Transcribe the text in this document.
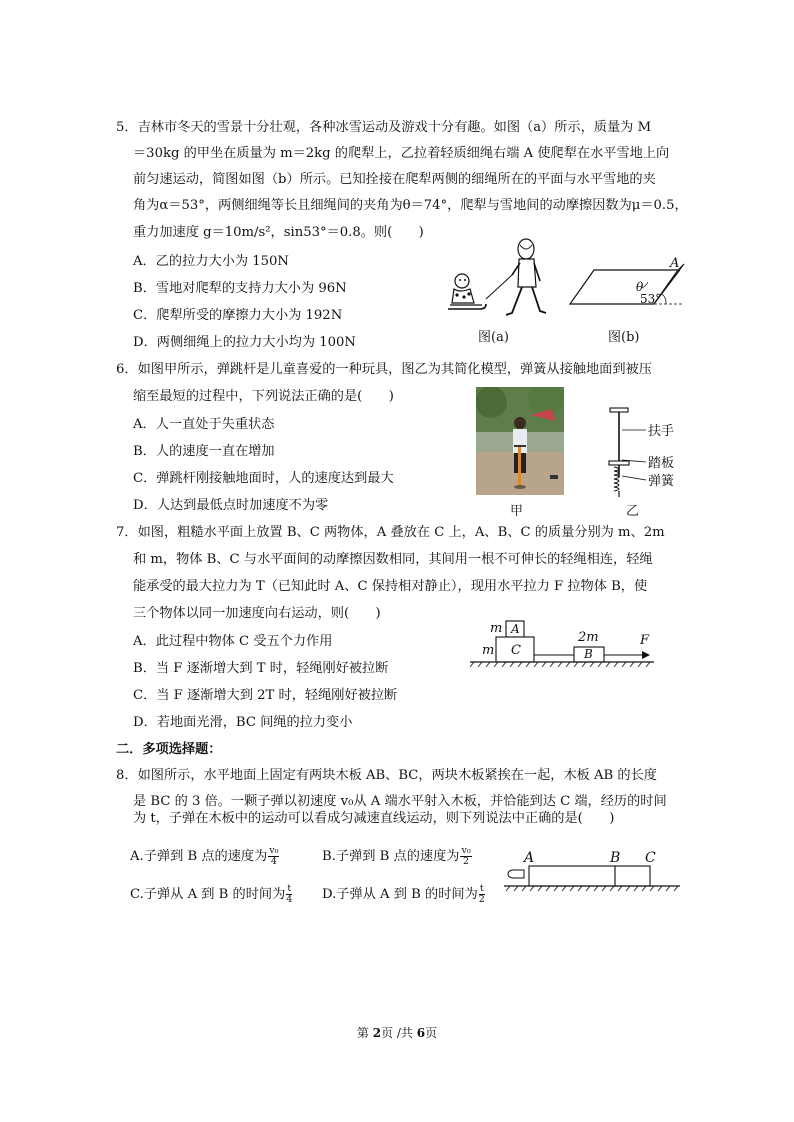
5．吉林市冬天的雪景十分壮观，各种冰雪运动及游戏十分有趣。如图（a）所示，质量为 M
＝30kg 的甲坐在质量为 m＝2kg 的爬犁上，乙拉着轻质细绳右端 A 使爬犁在水平雪地上向
前匀速运动，简图如图（b）所示。已知拴接在爬犁两侧的细绳所在的平面与水平雪地的夹
角为α＝53°，两侧细绳等长且细绳间的夹角为θ＝74°，爬犁与雪地间的动摩擦因数为μ＝0.5，
重力加速度 g＝10m/s²，sin53°＝0.8。则(　　)
A．乙的拉力大小为 150N
B．雪地对爬犁的支持力大小为 96N
C．爬犁所受的摩擦力大小为 192N
D．两侧细绳上的拉力大小均为 100N	图(a)
A
θ
53°
图(b)
6．如图甲所示，弹跳杆是儿童喜爱的一种玩具，图乙为其简化模型，弹簧从接触地面到被压
缩至最短的过程中，下列说法正确的是(　　)
A．人一直处于失重状态
B．人的速度一直在增加
C．弹跳杆刚接触地面时，人的速度达到最大
D．人达到最低点时加速度不为零	甲
扶手
踏板
弹簧
乙
7．如图，粗糙水平面上放置 B、C 两物体，A 叠放在 C 上，A、B、C 的质量分别为 m、2m
和 m，物体 B、C 与水平面间的动摩擦因数相同，其间用一根不可伸长的轻绳相连，轻绳
能承受的最大拉力为 T（已知此时 A、C 保持相对静止），现用水平拉力 F 拉物体 B，使
三个物体以同一加速度向右运动，则(　　)
A．此过程中物体 C 受五个力作用
B．当 F 逐渐增大到 T 时，轻绳刚好被拉断
C．当 F 逐渐增大到 2T 时，轻绳刚好被拉断
D．若地面光滑，BC 间绳的拉力变小
m A
m C
2m
B
F
二．多项选择题：
8．如图所示，水平地面上固定有两块木板 AB、BC，两块木板紧挨在一起，木板 AB 的长度
是 BC 的 3 倍。一颗子弹以初速度 v₀从 A 端水平射入木板，并恰能到达 C 端，经历的时间
为 t，子弹在木板中的运动可以看成匀减速直线运动，则下列说法中正确的是(　　)
A.子弹到 B 点的速度为 $\frac{\text{v₀}}{4}$	B.子弹到 B 点的速度为 $\frac{\text{v₀}}{2}$
C.子弹从 A 到 B 的时间为 $\frac{t}{4} D$.子弹从 A 到 B 的时间为 $\frac{t}{2}$
A	B C
第 2页 /共 6页
